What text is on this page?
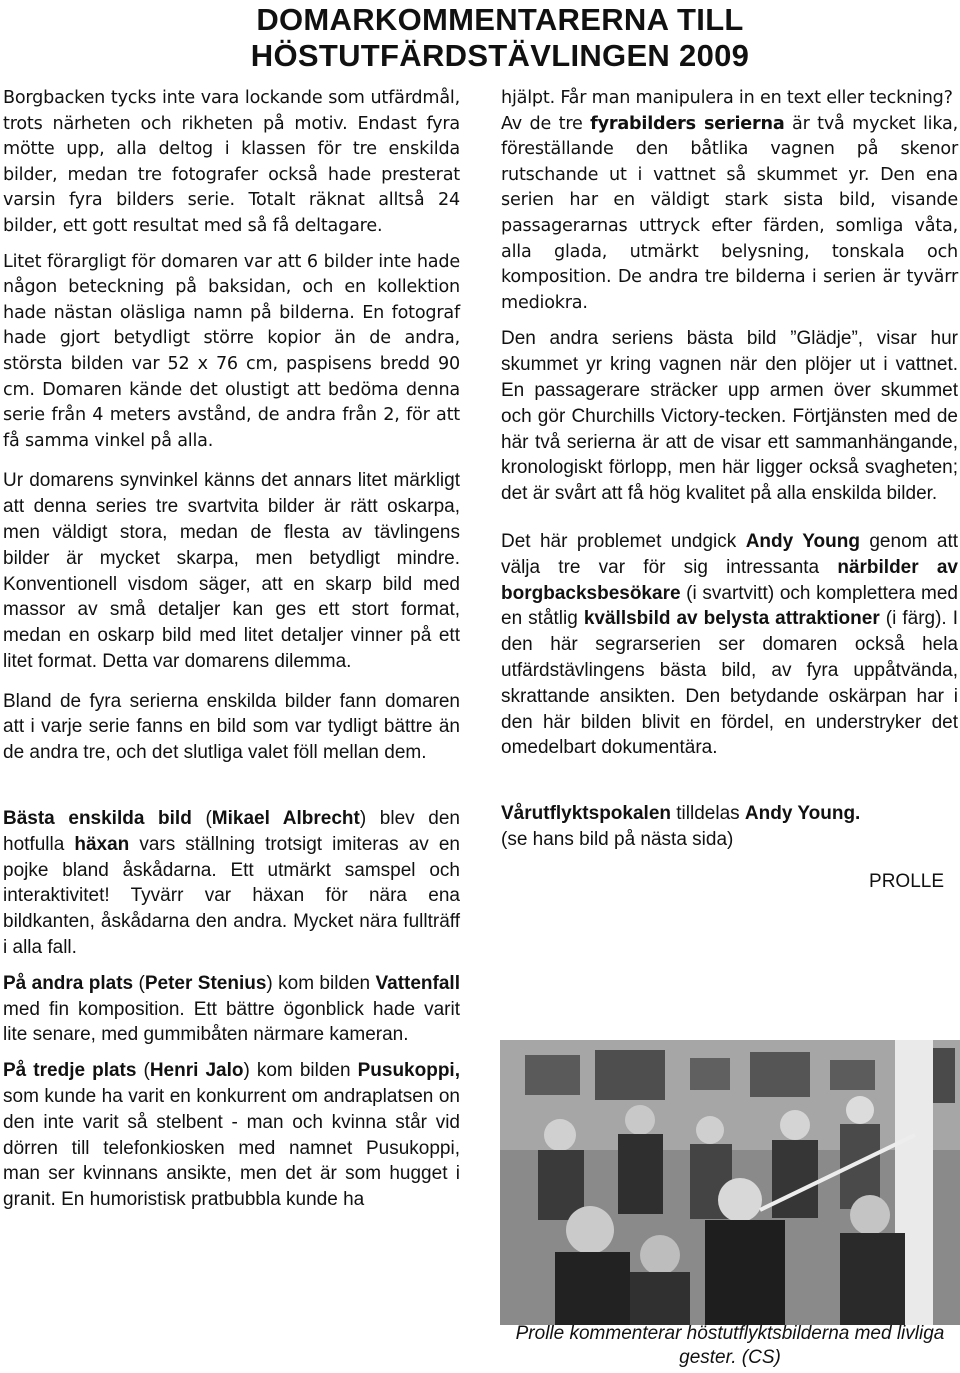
DOMARKOMMENTARERNA TILL
HÖSTUTFÄRDSTÄVLINGEN 2009

Borgbacken tycks inte vara lockande som utfärdmål, trots närheten och rikheten på motiv. Endast fyra mötte upp, alla deltog i klassen för tre enskilda bilder, medan tre fotografer också hade presterat varsin fyra bilders serie. Totalt räknat alltså 24 bilder, ett gott resultat med så få deltagare.

Litet förargligt för domaren var att 6 bilder inte hade någon beteckning på baksidan, och en kollektion hade nästan oläsliga namn på bilderna. En fotograf hade gjort betydligt större kopior än de andra, största bilden var 52 x 76 cm, paspisens bredd 90 cm. Domaren kände det olustigt att bedöma denna serie från 4 meters avstånd, de andra från 2, för att få samma vinkel på alla.

Ur domarens synvinkel känns det annars litet märkligt att denna series tre svartvita bilder är rätt oskarpa, men väldigt stora, medan de flesta av tävlingens bilder är mycket skarpa, men betydligt mindre. Konventionell visdom säger, att en skarp bild med massor av små detaljer kan ges ett stort format, medan en oskarp bild med litet detaljer vinner på ett litet format. Detta var domarens dilemma.

Bland de fyra serierna enskilda bilder fann domaren att i varje serie fanns en bild som var tydligt bättre än de andra tre, och det slutliga valet föll mellan dem.

Bästa enskilda bild (Mikael Albrecht) blev den hotfulla häxan vars ställning trotsigt imiteras av en pojke bland åskådarna. Ett utmärkt samspel och interaktivitet! Tyvärr var häxan för nära ena bildkanten, åskådarna den andra. Mycket nära fullträff i alla fall.

På andra plats (Peter Stenius) kom bilden Vattenfall med fin komposition. Ett bättre ögonblick hade varit lite senare, med gummibåten närmare kameran.

På tredje plats (Henri Jalo) kom bilden Pusukoppi, som kunde ha varit en konkurrent om andraplatsen on den inte varit så stelbent - man och kvinna står vid dörren till telefonkiosken med namnet Pusukoppi, man ser kvinnans ansikte, men det är som hugget i granit. En humoristisk pratbubbla kunde ha

hjälpt. Får man manipulera in en text eller teckning?

Av de tre fyrabilders serierna är två mycket lika, föreställande den båtlika vagnen på skenor rutschande ut i vattnet så skummet yr. Den ena serien har en väldigt stark sista bild, visande passagerarnas uttryck efter färden, somliga våta, alla glada, utmärkt belysning, tonskala och komposition. De andra tre bilderna i serien är tyvärr mediokra.

Den andra seriens bästa bild ”Glädje”, visar hur skummet yr kring vagnen när den plöjer ut i vattnet. En passagerare sträcker upp armen över skummet och gör Churchills Victory-tecken. Förtjänsten med de här två serierna är att de visar ett sammanhängande, kronologiskt förlopp, men här ligger också svagheten; det är svårt att få hög kvalitet på alla enskilda bilder.

Det här problemet undgick Andy Young genom att välja tre var för sig intressanta närbilder av borgbacksbesökare (i svartvitt) och komplettera med en ståtlig kvällsbild av belysta attraktioner (i färg). I den här segrarserien ser domaren också hela utfärdstävlingens bästa bild, av fyra uppåtvända, skrattande ansikten. Den betydande oskärpan har i den här bilden blivit en fördel, en understryker det omedelbart dokumentära.

Vårutflyktspokalen tilldelas Andy Young.
(se hans bild på nästa sida)

PROLLE
Prolle kommenterar höstutflyktsbilderna med livliga gester. (CS)
